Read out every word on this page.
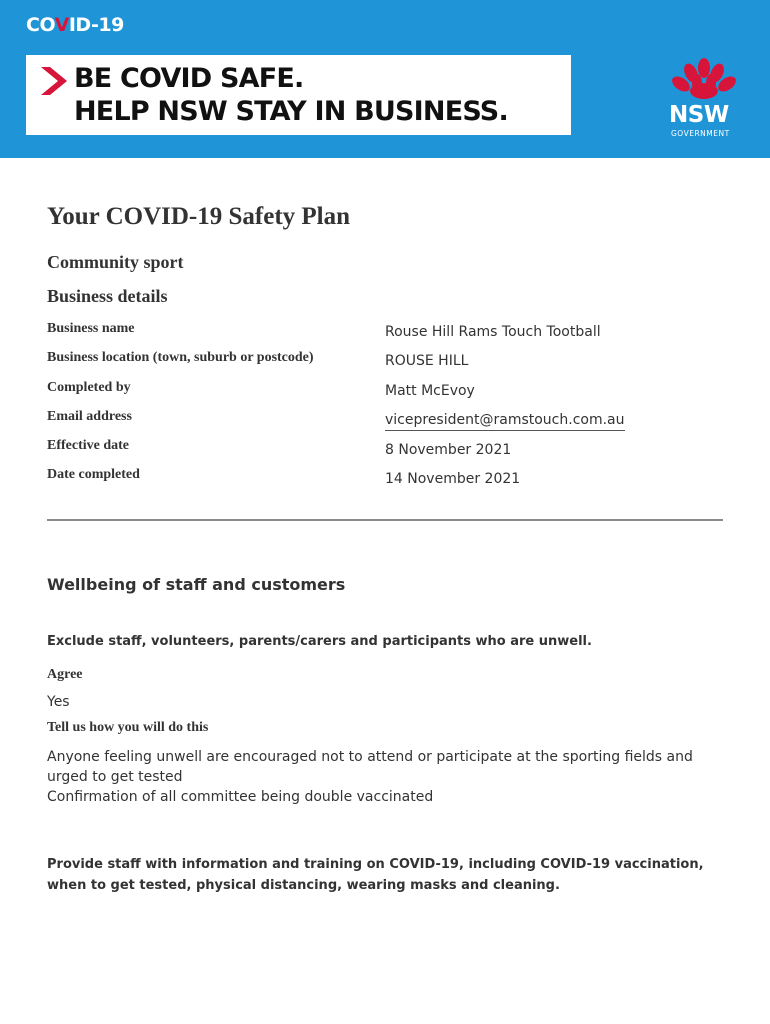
COVID-19
BE COVID SAFE.
HELP NSW STAY IN BUSINESS.	NSW
GOVERNMENT
Your COVID-19 Safety Plan
Community sport
Business details
Business name	Rouse Hill Rams Touch Tootball
Business location (town, suburb or postcode)	ROUSE HILL
Completed by	Matt McEvoy
Email address	vicepresident@ramstouch.com.au
Effective date	8 November 2021
Date completed	14 November 2021
Wellbeing of staff and customers
Exclude staff, volunteers, parents/carers and participants who are unwell.
Agree
Yes
Tell us how you will do this
Anyone feeling unwell are encouraged not to attend or participate at the sporting fields and
urged to get tested
Confirmation of all committee being double vaccinated
Provide staff with information and training on COVID-19, including COVID-19 vaccination,
when to get tested, physical distancing, wearing masks and cleaning.
